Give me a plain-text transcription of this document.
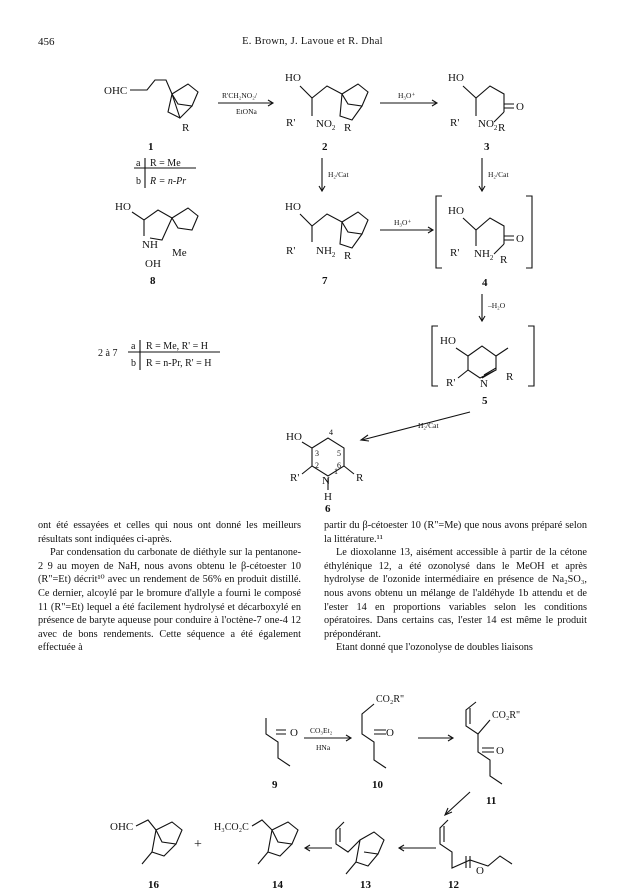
456	E. Brown, J. Lavoue et R. Dhal
OHC
R
1
R'CH₂NO₂/
EtONa
HO
R' $NO_2$ R
2
H₃O⁺
HO
O
R' $NO_2$ R
3
a R = Me
b R = n-Pr
HO
NH
OH
Me
8
H₂/Cat	H₂/Cat
HO
R' $NH_2$ R
7
H₃O⁺
HO
O
R' $NH_2$ R
4
–H₂O
2 à 7
a R = Me, R' = H
b R = n-Pr, R' = H
HO
R' N
R
5
H₂/Cat
HO	4
3
2
5
6
1
R' N R
H
6

ont été essayées et celles qui nous ont donné les meilleurs résultats sont indiquées ci-après.

Par condensation du carbonate de diéthyle sur la pentanone-2 9 au moyen de NaH, nous avons obtenu le β-cétoester 10 (R"=Et) décrit¹⁰ avec un rendement de 56% en produit distillé. Ce dernier, alcoylé par le bromure d'allyle a fourni le composé 11 (R"=Et) lequel a été facilement hydrolysé et décarboxylé en présence de baryte aqueuse pour conduire à l'octène-7 one-4 12 avec de bons rendements. Cette séquence a été également effectuée à

partir du β-cétoester 10 (R"=Me) que nous avons préparé selon la littérature.¹¹

Le dioxolanne 13, aisément accessible à partir de la cétone éthylénique 12, a été ozonolysé dans le MeOH et après hydrolyse de l'ozonide intermédiaire en présence de Na₂SO₃, nous avons obtenu un mélange de l'aldéhyde 1b attendu et de l'ester 14 en proportions variables selon les conditions opératoires. Dans certains cas, l'ester 14 est même le produit prépondérant.

Etant donné que l'ozonolyse de doubles liaisons

O
9
CO₃Et₂
HNa
O
CO₂R"
10
O
CO₂R"
11
O
12
13
H₃CO₂C
14
+
OHC
16
